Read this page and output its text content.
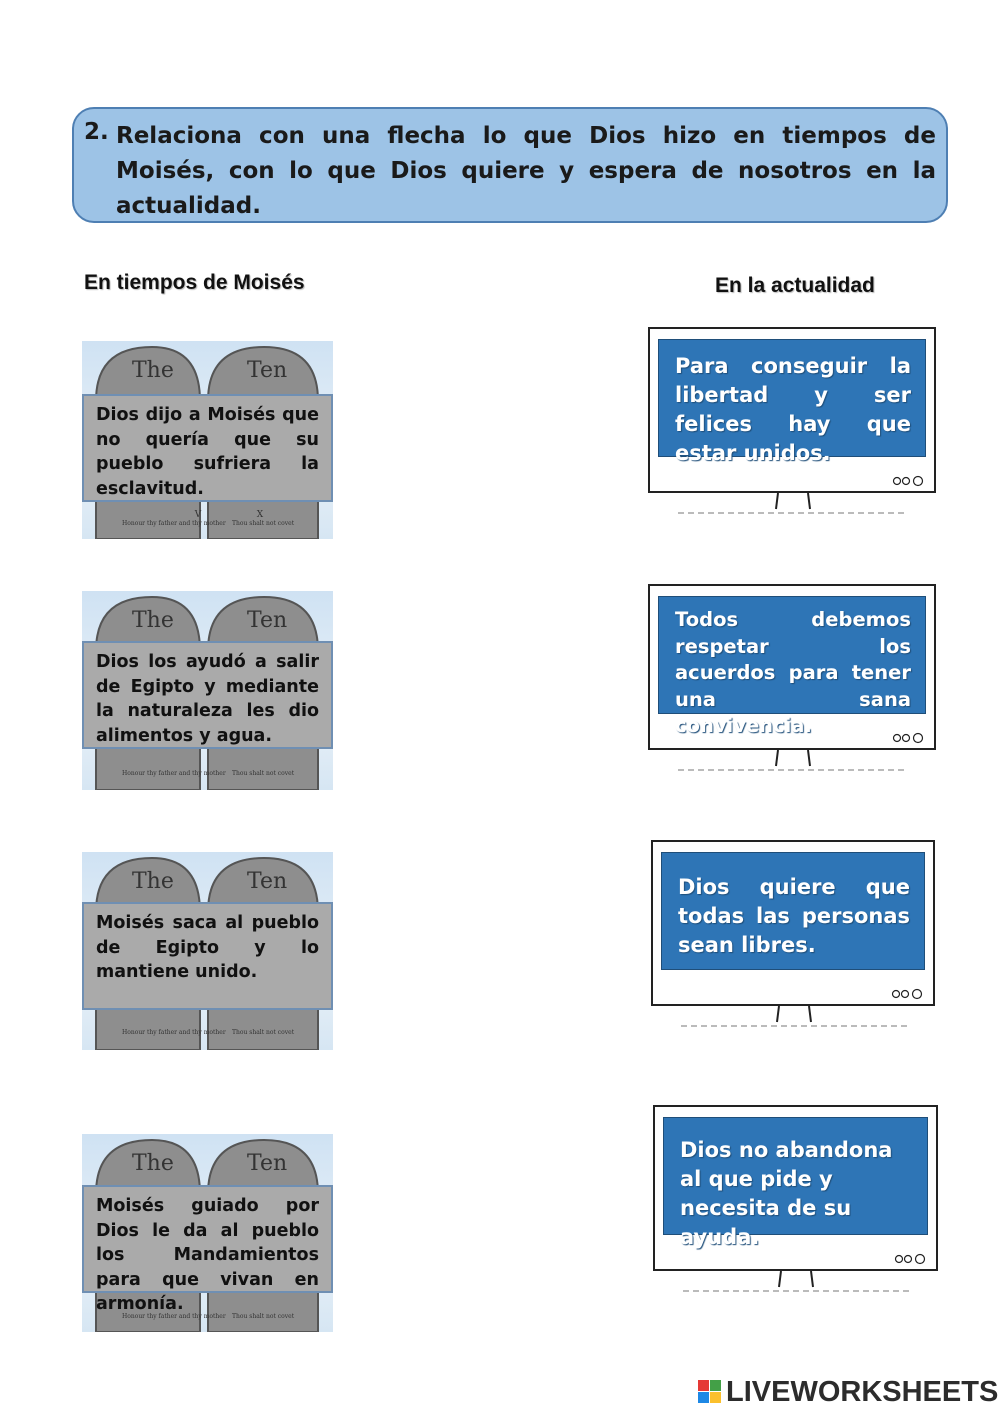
2. Relaciona con una flecha lo que Dios hizo en tiempos de Moisés, con lo que Dios quiere y espera de nosotros en la actualidad.
En tiempos de Moisés	En la actualidad
The	Ten
V	X
Honour thy father and thy mother Thou shalt not covet
Dios dijo a Moisés que no quería que su pueblo sufriera la esclavitud.
The	Ten
Honour thy father and thy mother Thou shalt not covet
Dios los ayudó a salir de Egipto y mediante la naturaleza les dio alimentos y agua.
The	Ten
Honour thy father and thy mother Thou shalt not covet
Moisés saca al pueblo de Egipto y lo mantiene unido.
The	Ten
Honour thy father and thy mother Thou shalt not covet
Moisés guiado por Dios le da al pueblo los Mandamientos para que vivan en armonía.
Para conseguir la libertad y ser felices hay que estar unidos.
Todos debemos respetar los acuerdos para tener una sana convivencia.
Dios quiere que todas las personas sean libres.
Dios no abandona al que pide y necesita de su ayuda.
LIVEWORKSHEETS
